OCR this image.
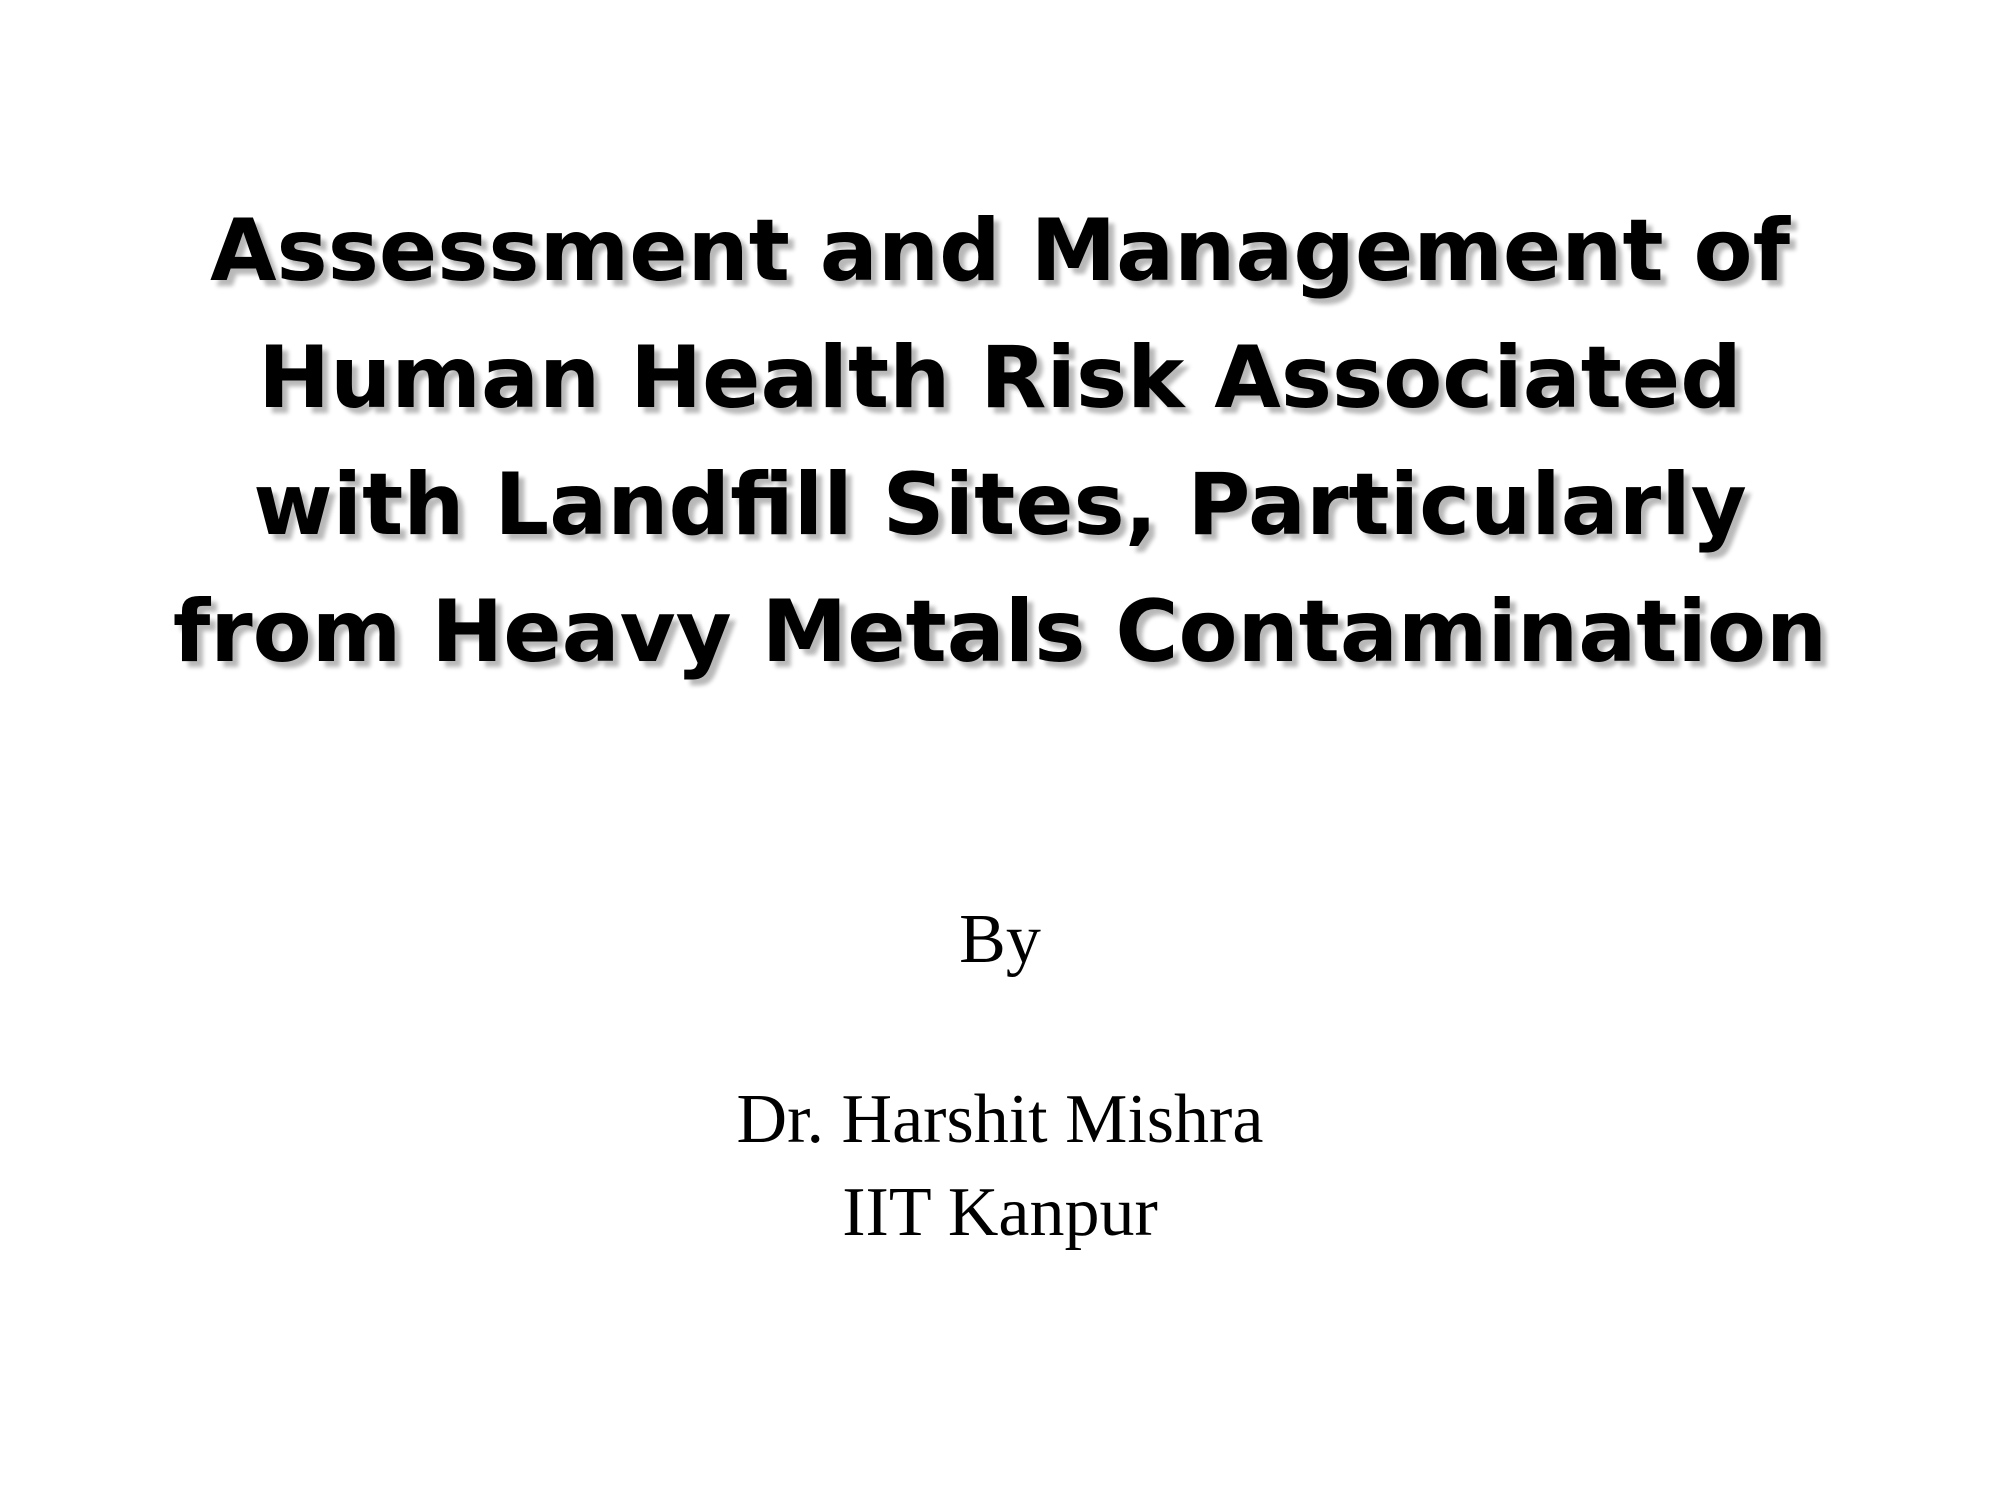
Assessment and Management of
Human Health Risk Associated
with Landfill Sites, Particularly
from Heavy Metals Contamination
By
Dr. Harshit Mishra
IIT Kanpur
